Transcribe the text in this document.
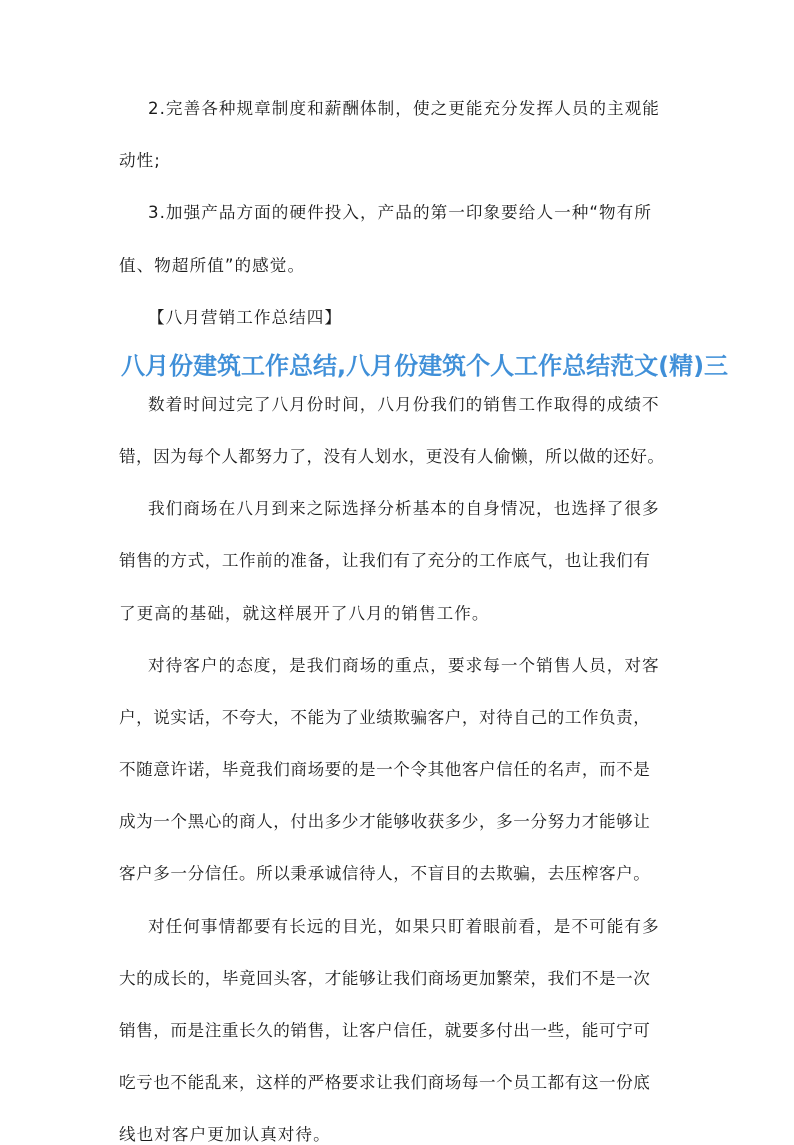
2.完善各种规章制度和薪酬体制，使之更能充分发挥人员的主观能

动性;

3.加强产品方面的硬件投入，产品的第一印象要给人一种“物有所

值、物超所值”的感觉。

【八月营销工作总结四】

八月份建筑工作总结,八月份建筑个人工作总结范文(精)三

数着时间过完了八月份时间，八月份我们的销售工作取得的成绩不

错，因为每个人都努力了，没有人划水，更没有人偷懒，所以做的还好。

我们商场在八月到来之际选择分析基本的自身情况，也选择了很多

销售的方式，工作前的准备，让我们有了充分的工作底气，也让我们有

了更高的基础，就这样展开了八月的销售工作。

对待客户的态度，是我们商场的重点，要求每一个销售人员，对客

户，说实话，不夸大，不能为了业绩欺骗客户，对待自己的工作负责，

不随意许诺，毕竟我们商场要的是一个令其他客户信任的名声，而不是

成为一个黑心的商人，付出多少才能够收获多少，多一分努力才能够让

客户多一分信任。所以秉承诚信待人，不盲目的去欺骗，去压榨客户。

对任何事情都要有长远的目光，如果只盯着眼前看，是不可能有多

大的成长的，毕竟回头客，才能够让我们商场更加繁荣，我们不是一次

销售，而是注重长久的销售，让客户信任，就要多付出一些，能可宁可

吃亏也不能乱来，这样的严格要求让我们商场每一个员工都有这一份底

线也对客户更加认真对待。
